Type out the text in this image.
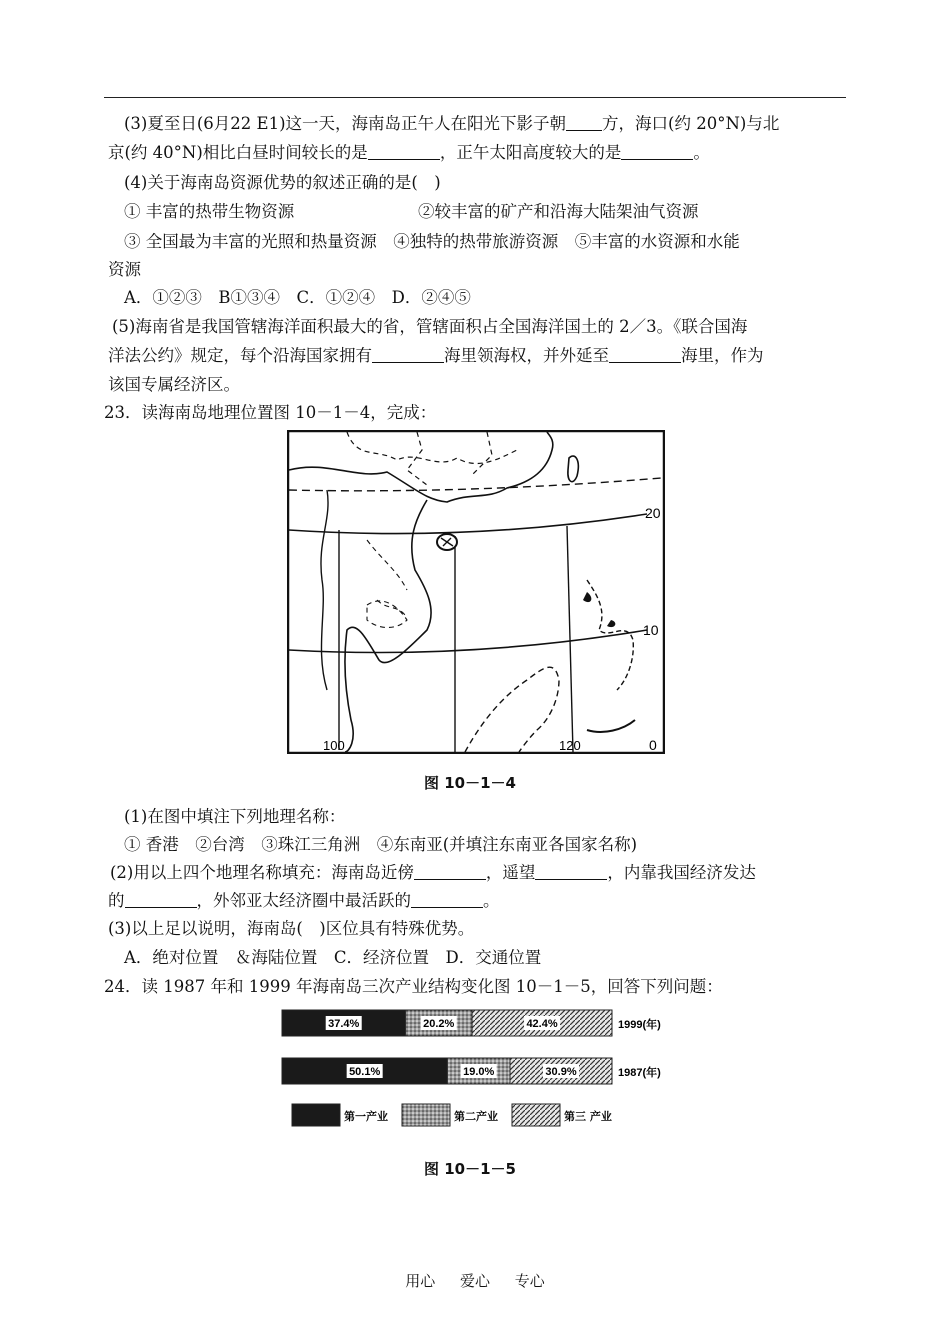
(3)夏至日(6月22 E1)这一天，海南岛正午人在阳光下影子朝 方，海口(约 20°N)与北
京(约 40°N)相比白昼时间较长的是	，正午太阳高度较大的是	。
(4)关于海南岛资源优势的叙述正确的是(　)
① 丰富的热带生物资源	②较丰富的矿产和沿海大陆架油气资源
③ 全国最为丰富的光照和热量资源　④独特的热带旅游资源　⑤丰富的水资源和水能
资源
A．①②③　B①③④　C．①②④　D．②④⑤
(5)海南省是我国管辖海洋面积最大的省，管辖面积占全国海洋国土的 2／3。《联合国海
洋法公约》规定，每个沿海国家拥有	海里领海权，并外延至	海里，作为
该国专属经济区。
23．读海南岛地理位置图 10－1－4，完成：
20
10
0
100	120
图 10－1－4
(1)在图中填注下列地理名称：
① 香港　②台湾　③珠江三角洲　④东南亚(并填注东南亚各国家名称)
(2)用以上四个地理名称填充：海南岛近傍	，遥望	，内靠我国经济发达
的	，外邻亚太经济圈中最活跃的	。
(3)以上足以说明，海南岛(　)区位具有特殊优势。
A．绝对位置　＆海陆位置　C．经济位置　D．交通位置
24．读 1987 年和 1999 年海南岛三次产业结构变化图 10－1－5，回答下列问题：
37.4%	20.2%	42.4%	1999(年)
50.1%	19.0%	30.9%	1987(年)
第一产业	第二产业	第三 产业
图 10－1－5
用心 爱心 专心
